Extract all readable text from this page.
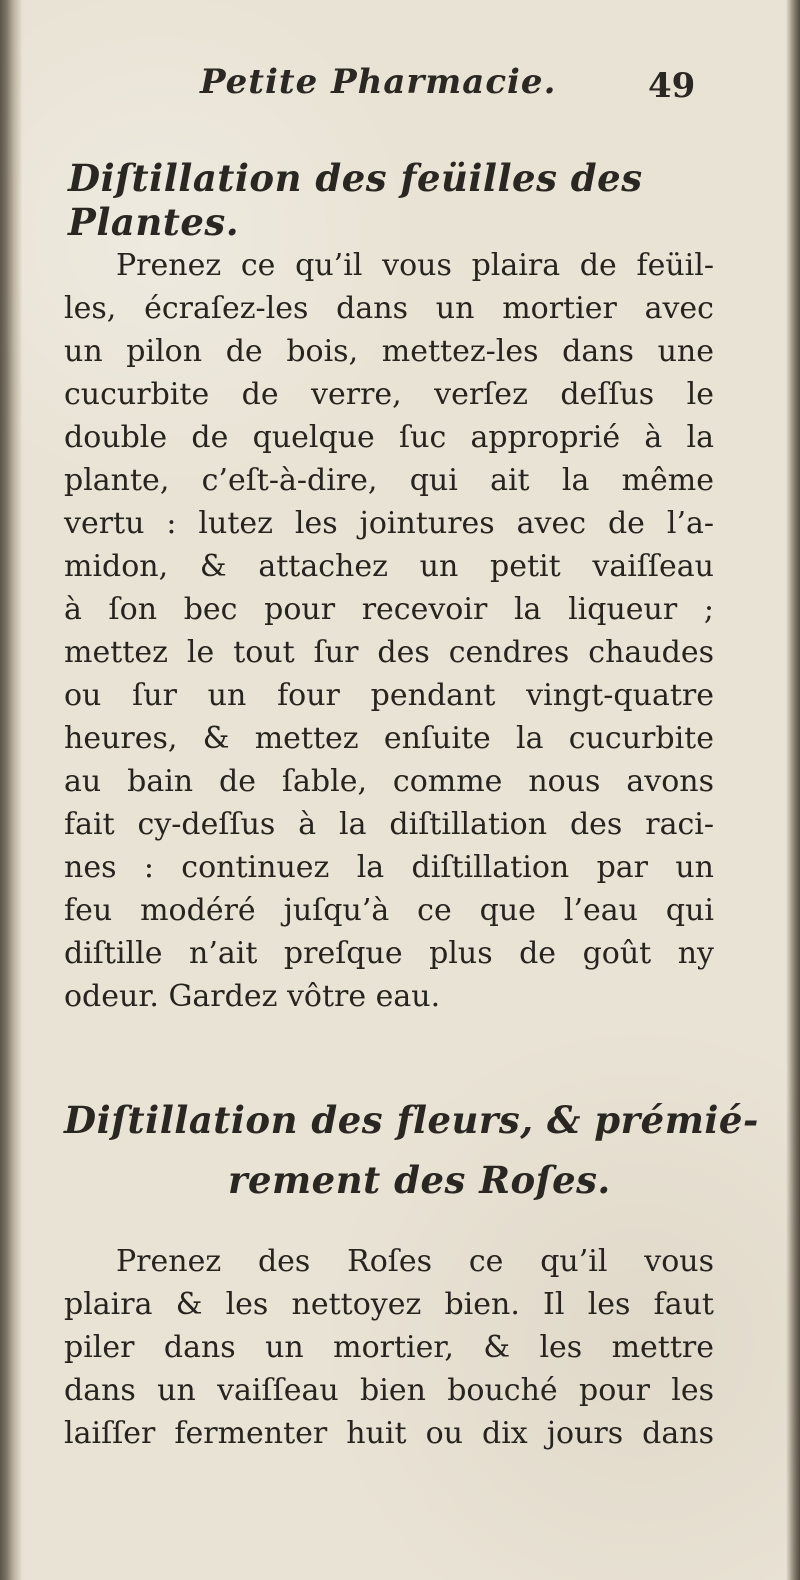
Petite Pharmacie.	49
Diſtillation des feüilles des Plantes.
Prenez ce qu’il vous plaira de feüil-
les, écraſez-les dans un mortier avec
un pilon de bois, mettez-les dans une
cucurbite de verre, verſez deſſus le
double de quelque ſuc approprié à la
plante, c’eſt-à-dire, qui ait la même
vertu : lutez les jointures avec de l’a-
midon, & attachez un petit vaiſſeau
à ſon bec pour recevoir la liqueur ;
mettez le tout ſur des cendres chaudes
ou ſur un four pendant vingt-quatre
heures, & mettez enſuite la cucurbite
au bain de ſable, comme nous avons
fait cy-deſſus à la diſtillation des raci-
nes : continuez la diſtillation par un
feu modéré juſqu’à ce que l’eau qui
diſtille n’ait preſque plus de goût ny
odeur. Gardez vôtre eau.
Diſtillation des fleurs, & prémié-
rement des Roſes.
Prenez des Roſes ce qu’il vous
plaira & les nettoyez bien. Il les faut
piler dans un mortier, & les mettre
dans un vaiſſeau bien bouché pour les
laiſſer fermenter huit ou dix jours dans
